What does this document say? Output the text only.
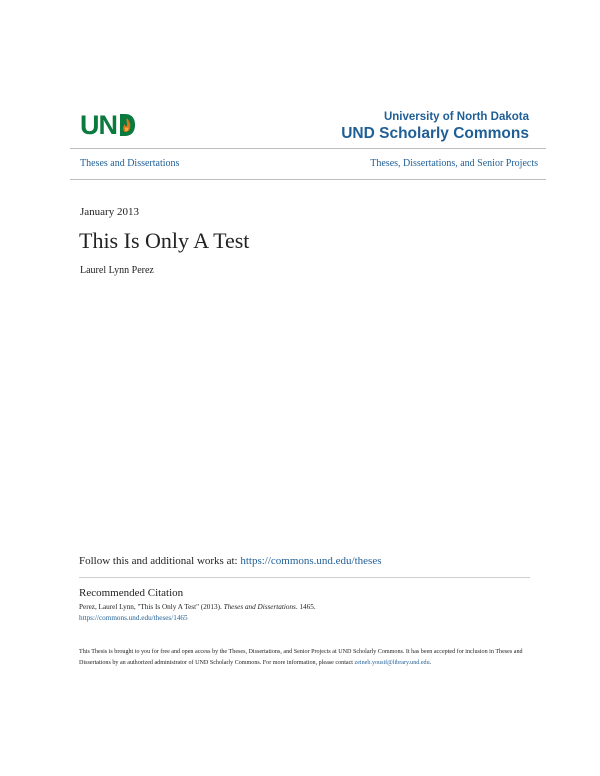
UN	University of North Dakota
UND Scholarly Commons
Theses and Dissertations	Theses, Dissertations, and Senior Projects
January 2013
This Is Only A Test
Laurel Lynn Perez
Follow this and additional works at: https://commons.und.edu/theses
Recommended Citation
Perez, Laurel Lynn, "This Is Only A Test" (2013). Theses and Dissertations. 1465.
https://commons.und.edu/theses/1465
This Thesis is brought to you for free and open access by the Theses, Dissertations, and Senior Projects at UND Scholarly Commons. It has been accepted for inclusion in Theses and Dissertations by an authorized administrator of UND Scholarly Commons. For more information, please contact zeineb.yousif@library.und.edu.
